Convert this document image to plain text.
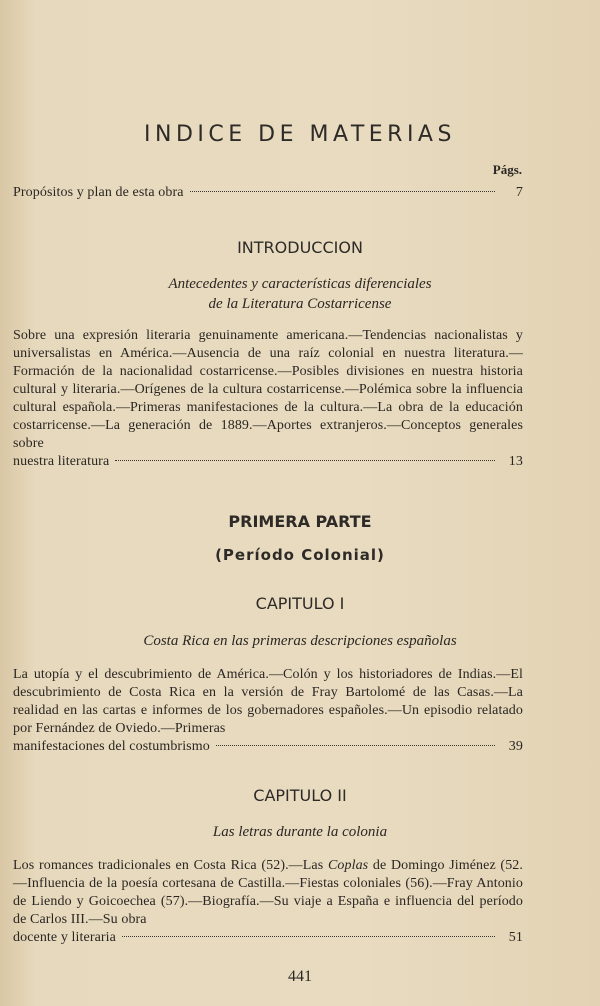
INDICE DE MATERIAS
Págs.
Propósitos y plan de esta obra	7
INTRODUCCION
Antecedentes y características diferenciales
de la Literatura Costarricense
Sobre una expresión literaria genuinamente americana.—Tendencias nacionalistas y universalistas en América.—Ausencia de una raíz colonial en nuestra literatura.—Formación de la nacionalidad costarricense.—Posibles divisiones en nuestra historia cultural y literaria.—Orígenes de la cultura costarricense.—Polémica sobre la influencia cultural española.—Primeras manifestaciones de la cultura.—La obra de la educación costarricense.—La generación de 1889.—Aportes extranjeros.—Conceptos generales sobre
nuestra literatura	13
PRIMERA PARTE
(Período Colonial)
CAPITULO I
Costa Rica en las primeras descripciones españolas
La utopía y el descubrimiento de América.—Colón y los historiadores de Indias.—El descubrimiento de Costa Rica en la versión de Fray Bartolomé de las Casas.—La realidad en las cartas e informes de los gobernadores españoles.—Un episodio relatado por Fernández de Oviedo.—Primeras
manifestaciones del costumbrismo	39
CAPITULO II
Las letras durante la colonia
Los romances tradicionales en Costa Rica (52).—Las Coplas de Domingo Jiménez (52.—Influencia de la poesía cortesana de Castilla.—Fiestas coloniales (56).—Fray Antonio de Liendo y Goicoechea (57).—Biografía.—Su viaje a España e influencia del período de Carlos III.—Su obra
docente y literaria	51
441
